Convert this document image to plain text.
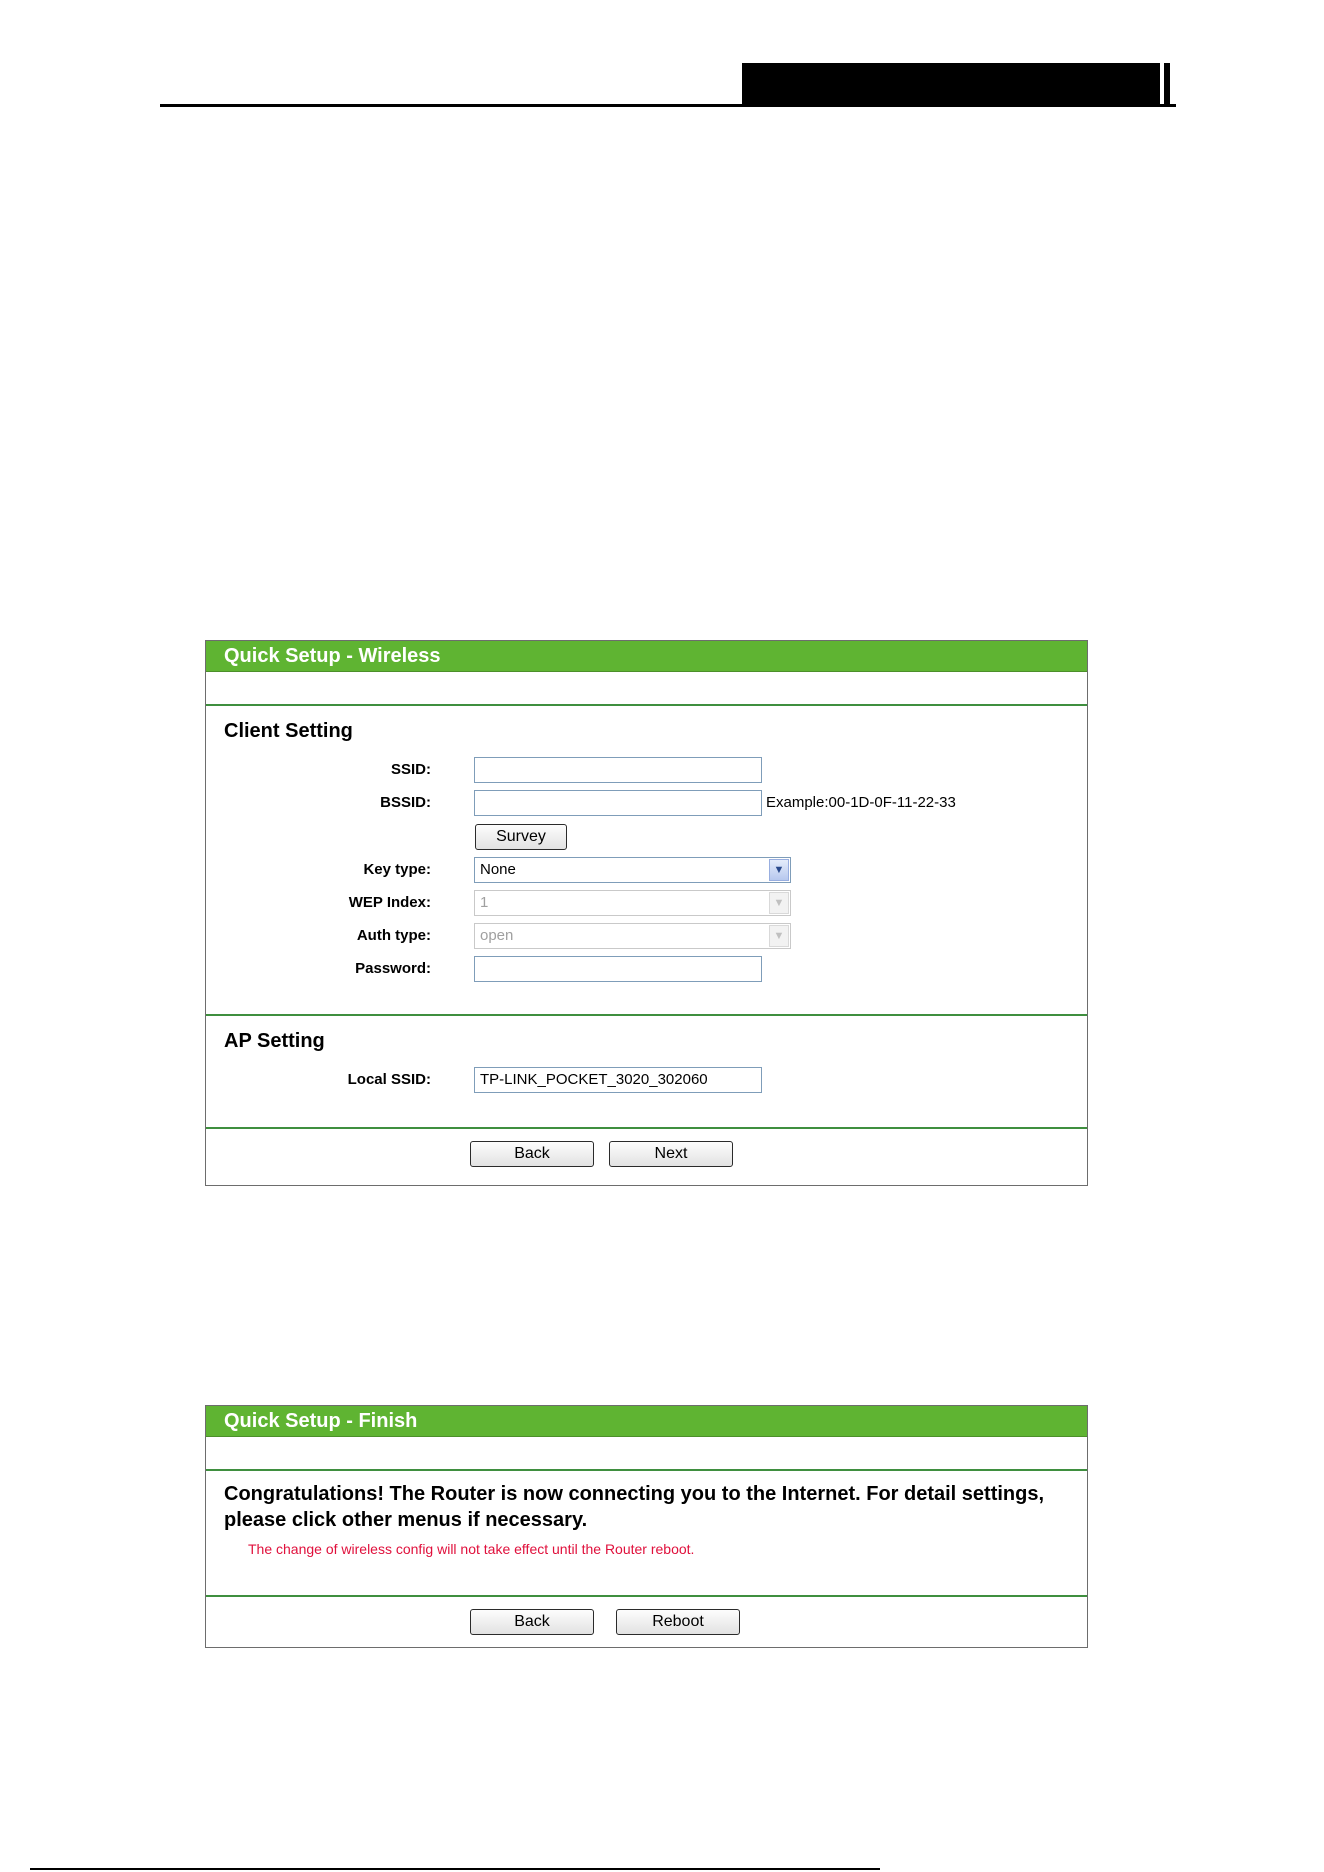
Quick Setup - Wireless
Client Setting
SSID:
BSSID:	Example:00-1D-0F-11-22-33
Survey
Key type:	None	▼
WEP Index:	1	▼
Auth type:	open	▼
Password:
AP Setting
Local SSID:	TP-LINK_POCKET_3020_302060
Back	Next
Quick Setup - Finish
Congratulations! The Router is now connecting you to the Internet. For detail settings, please click other menus if necessary.
The change of wireless config will not take effect until the Router reboot.
Back	Reboot
